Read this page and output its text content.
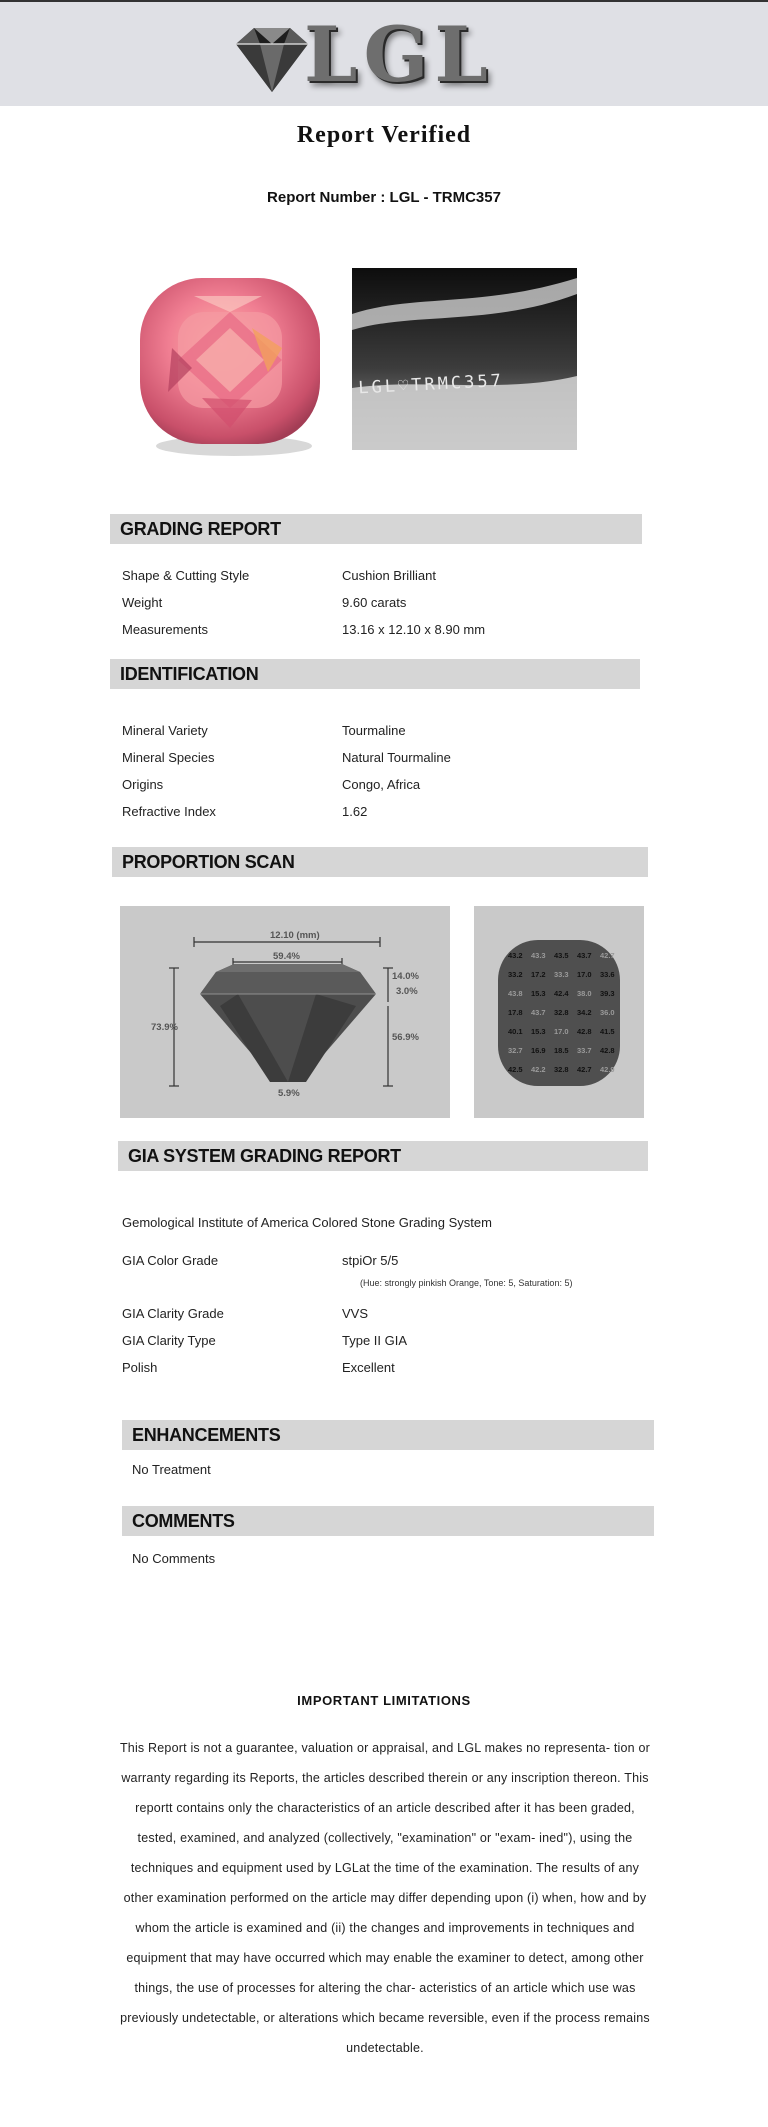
LGL
Report Verified
Report Number : LGL - TRMC357
LGL♡TRMC357
GRADING REPORT
Shape & Cutting Style	Cushion Brilliant
Weight	9.60 carats
Measurements	13.16 x 12.10 x 8.90 mm
IDENTIFICATION
Mineral Variety	Tourmaline
Mineral Species	Natural Tourmaline
Origins	Congo, Africa
Refractive Index	1.62
PROPORTION SCAN
12.10 (mm)
59.4%
14.0%
3.0%
73.9%
56.9%
5.9%
43.2 43.3 43.5 43.7 42.7
33.2 17.2 33.3 17.0 33.6
43.8 15.3 42.4 38.0 39.3
17.8 43.7 32.8 34.2 36.0
40.1 15.3 17.0 42.8 41.5
32.7 16.9 18.5 33.7 42.8
42.5 42.2 32.8 42.7 42.9
GIA SYSTEM GRADING REPORT
Gemological Institute of America Colored Stone Grading System
GIA Color Grade	stpiOr 5/5
(Hue: strongly pinkish Orange, Tone: 5, Saturation: 5)
GIA Clarity Grade	VVS
GIA Clarity Type	Type II GIA
Polish	Excellent
ENHANCEMENTS
No Treatment
COMMENTS
No Comments
IMPORTANT LIMITATIONS
This Report is not a guarantee, valuation or appraisal, and LGL makes no representa- tion or warranty regarding its Reports, the articles described therein or any inscription thereon. This reportt contains only the characteristics of an article described after it has been graded, tested, examined, and analyzed (collectively, "examination" or "exam- ined"), using the techniques and equipment used by LGLat the time of the examination. The results of any other examination performed on the article may differ depending upon (i) when, how and by whom the article is examined and (ii) the changes and improvements in techniques and equipment that may have occurred which may enable the examiner to detect, among other things, the use of processes for altering the char- acteristics of an article which use was previously undetectable, or alterations which became reversible, even if the process remains undetectable.
